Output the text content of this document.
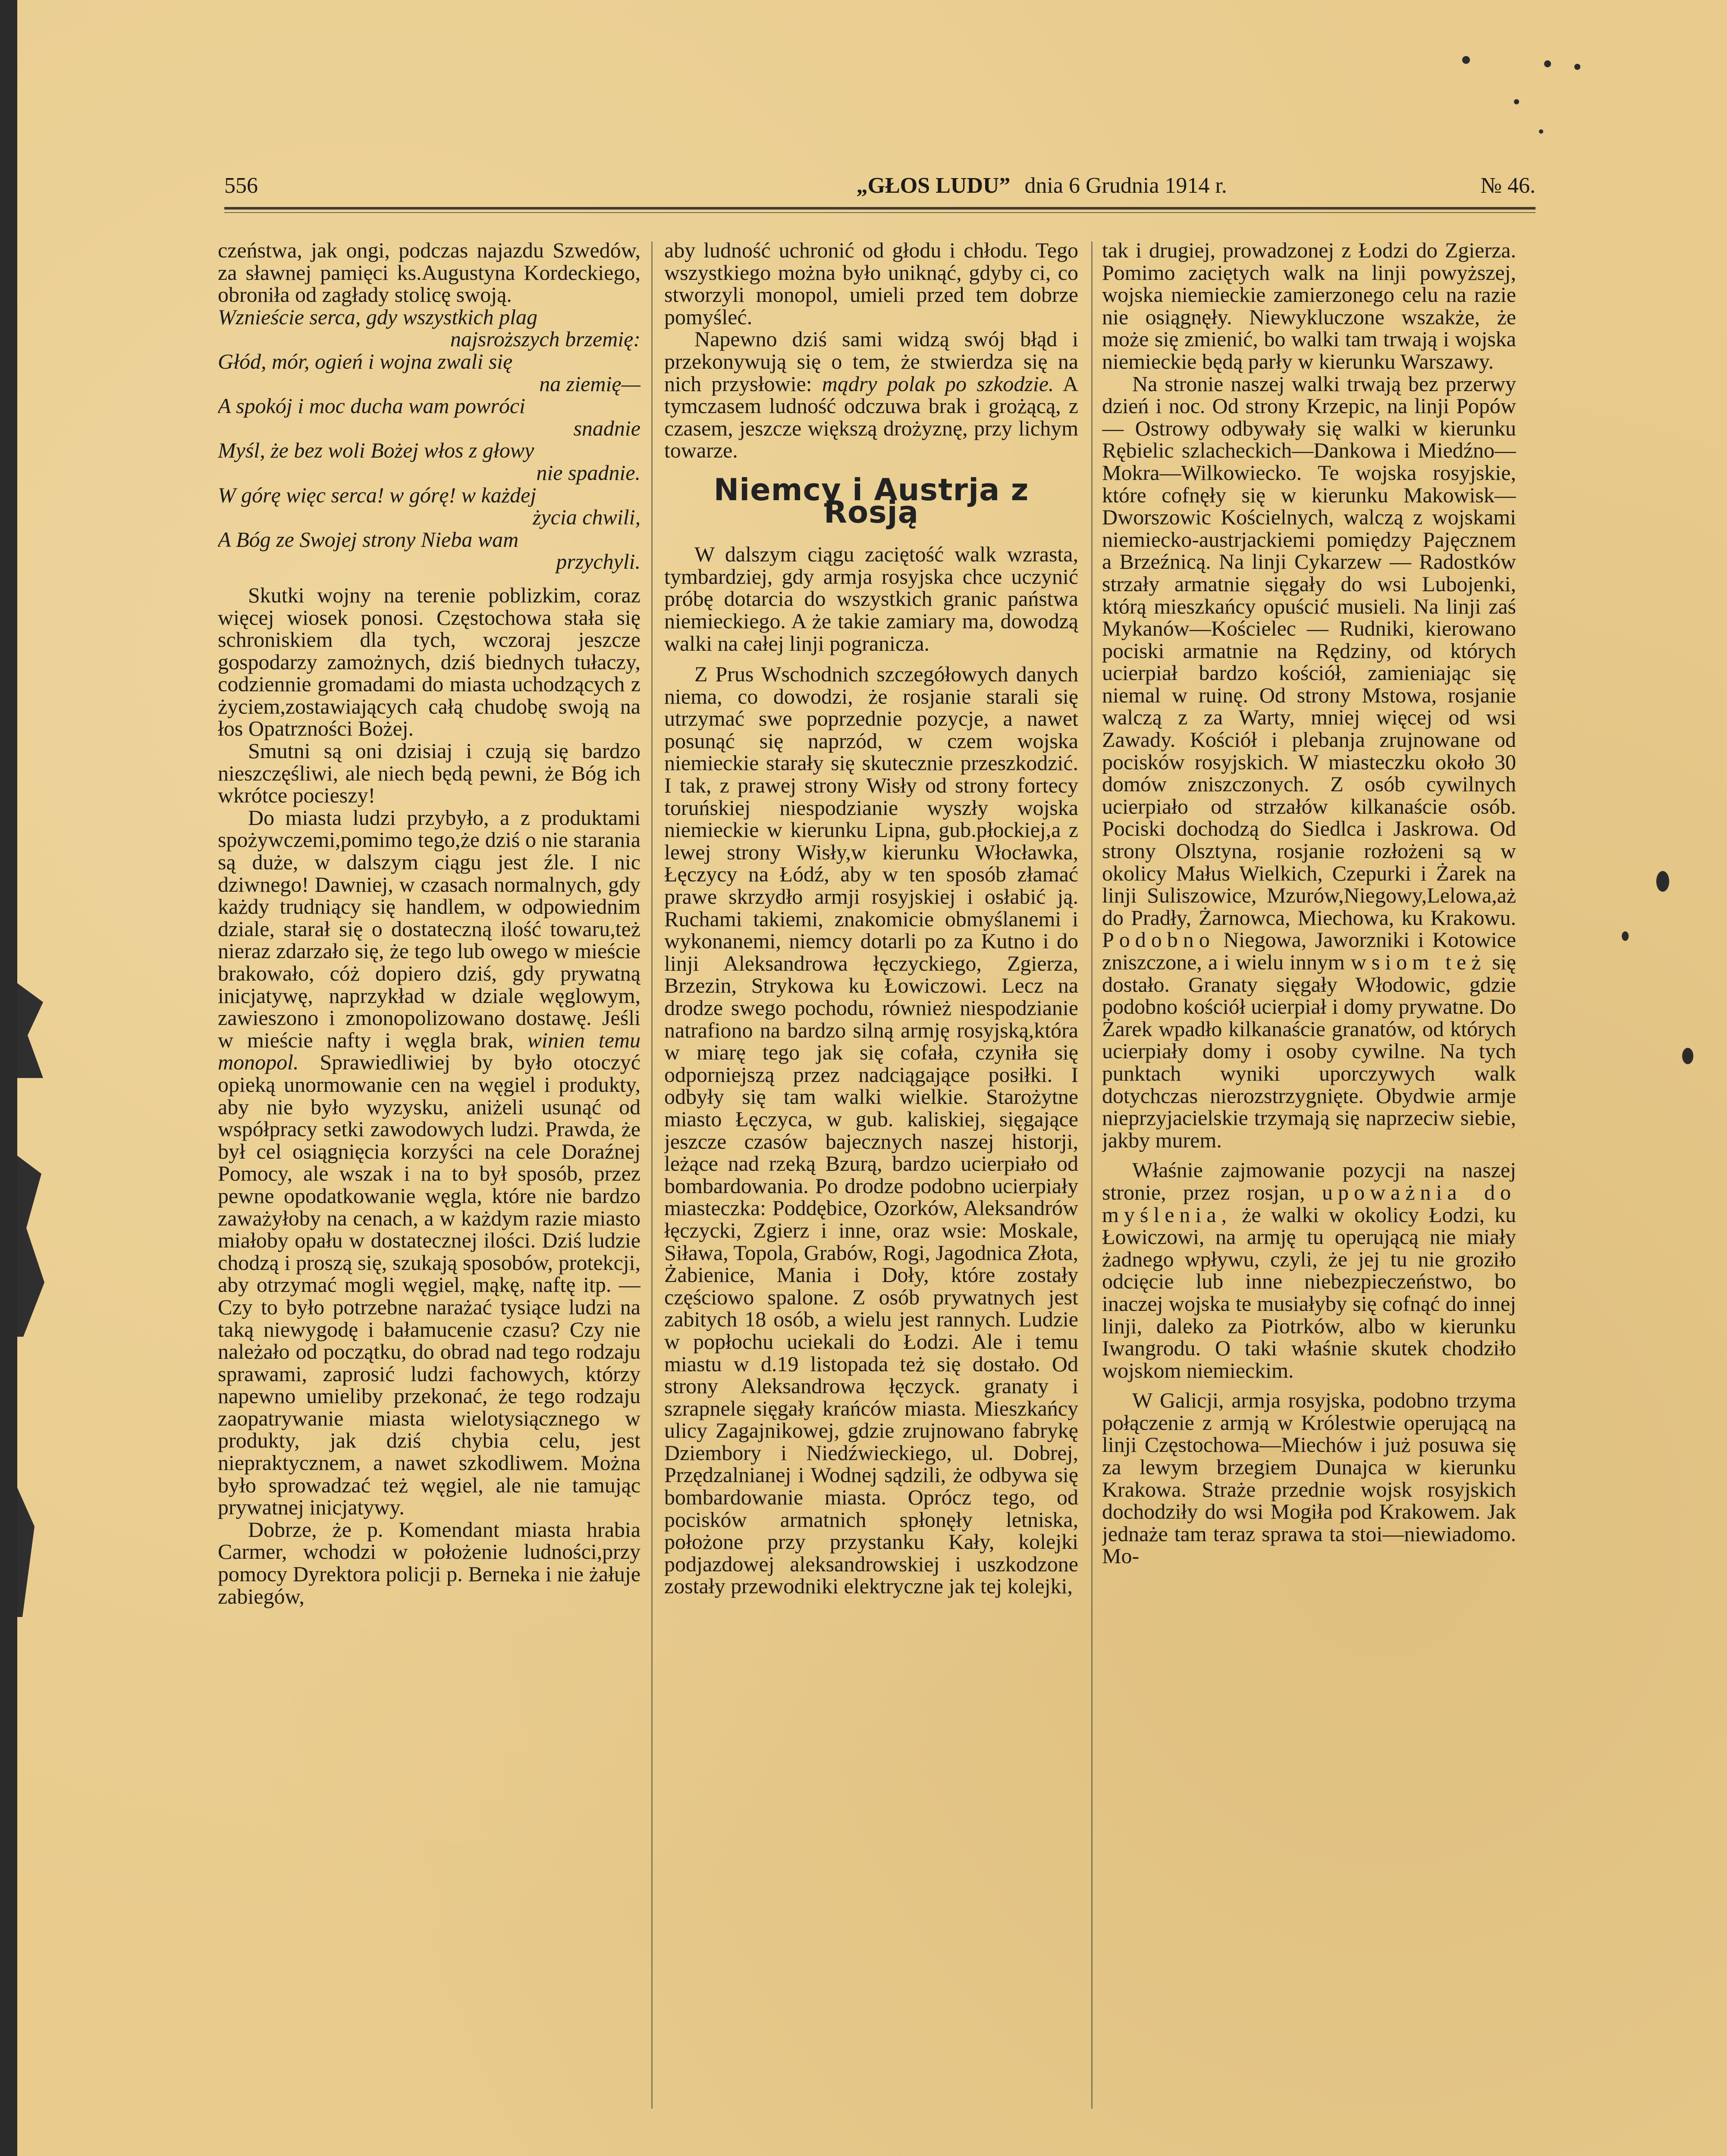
556	„GŁOS LUDU” dnia 6 Grudnia 1914 r.	№ 46.

czeństwa, jak ongi, podczas najazdu Szwedów, za sławnej pamięci ks.Augustyna Kordeckiego, obroniła od zagłady stolicę swoją.

Wznieście serca, gdy wszystkich plag
najsroższych brzemię:
Głód, mór, ogień i wojna zwali się
na ziemię—
A spokój i moc ducha wam powróci
snadnie
Myśl, że bez woli Bożej włos z głowy
nie spadnie.
W górę więc serca! w górę! w każdej
życia chwili,
A Bóg ze Swojej strony Nieba wam
przychyli.

Skutki wojny na terenie poblizkim, coraz więcej wiosek ponosi. Częstochowa stała się schroniskiem dla tych, wczoraj jeszcze gospodarzy zamożnych, dziś biednych tułaczy, codziennie gromadami do miasta uchodzących z życiem,zostawiających całą chudobę swoją na łos Opatrzności Bożej.

Smutni są oni dzisiaj i czują się bardzo nieszczęśliwi, ale niech będą pewni, że Bóg ich wkrótce pocieszy!

Do miasta ludzi przybyło, a z produktami spożywczemi,pomimo tego,że dziś o nie starania są duże, w dalszym ciągu jest źle. I nic dziwnego! Dawniej, w czasach normalnych, gdy każdy trudniący się handlem, w odpowiednim dziale, starał się o dostateczną ilość towaru,też nieraz zdarzało się, że tego lub owego w mieście brakowało, cóż dopiero dziś, gdy prywatną inicjatywę, naprzykład w dziale węglowym, zawieszono i zmonopolizowano dostawę. Jeśli w mieście nafty i węgla brak, winien temu monopol. Sprawiedliwiej by było otoczyć opieką unormowanie cen na węgiel i produkty, aby nie było wyzysku, aniżeli usunąć od współpracy setki zawodowych ludzi. Prawda, że był cel osiągnięcia korzyści na cele Doraźnej Pomocy, ale wszak i na to był sposób, przez pewne opodatkowanie węgla, które nie bardzo zaważyłoby na cenach, a w każdym razie miasto miałoby opału w dostatecznej ilości. Dziś ludzie chodzą i proszą się, szukają sposobów, protekcji, aby otrzymać mogli węgiel, mąkę, naftę itp. — Czy to było potrzebne narażać tysiące ludzi na taką niewygodę i bałamucenie czasu? Czy nie należało od początku, do obrad nad tego rodzaju sprawami, zaprosić ludzi fachowych, którzy napewno umieliby przekonać, że tego rodzaju zaopatrywanie miasta wielotysiącznego w produkty, jak dziś chybia celu, jest niepraktycznem, a nawet szkodliwem. Można było sprowadzać też węgiel, ale nie tamując prywatnej inicjatywy.

Dobrze, że p. Komendant miasta hrabia Carmer, wchodzi w położenie ludności,przy pomocy Dyrektora policji p. Berneka i nie żałuje zabiegów,

aby ludność uchronić od głodu i chłodu. Tego wszystkiego można było uniknąć, gdyby ci, co stworzyli monopol, umieli przed tem dobrze pomyśleć.

Napewno dziś sami widzą swój błąd i przekonywują się o tem, że stwierdza się na nich przysłowie: mądry polak po szkodzie. A tymczasem ludność odczuwa brak i grożącą, z czasem, jeszcze większą drożyznę, przy lichym towarze.

Niemcy i Austrja z Rosją

W dalszym ciągu zaciętość walk wzrasta, tymbardziej, gdy armja rosyjska chce uczynić próbę dotarcia do wszystkich granic państwa niemieckiego. A że takie zamiary ma, dowodzą walki na całej linji pogranicza.

Z Prus Wschodnich szczegółowych danych niema, co dowodzi, że rosjanie starali się utrzymać swe poprzednie pozycje, a nawet posunąć się naprzód, w czem wojska niemieckie starały się skutecznie przeszkodzić. I tak, z prawej strony Wisły od strony fortecy toruńskiej niespodzianie wyszły wojska niemieckie w kierunku Lipna, gub.płockiej,a z lewej strony Wisły,w kierunku Włocławka, Łęczycy na Łódź, aby w ten sposób złamać prawe skrzydło armji rosyjskiej i osłabić ją. Ruchami takiemi, znakomicie obmyślanemi i wykonanemi, niemcy dotarli po za Kutno i do linji Aleksandrowa łęczyckiego, Zgierza, Brzezin, Strykowa ku Łowiczowi. Lecz na drodze swego pochodu, również niespodzianie natrafiono na bardzo silną armję rosyjską,która w miarę tego jak się cofała, czyniła się odporniejszą przez nadciągające posiłki. I odbyły się tam walki wielkie. Starożytne miasto Łęczyca, w gub. kaliskiej, sięgające jeszcze czasów bajecznych naszej historji, leżące nad rzeką Bzurą, bardzo ucierpiało od bombardowania. Po drodze podobno ucierpiały miasteczka: Poddębice, Ozorków, Aleksandrów łęczycki, Zgierz i inne, oraz wsie: Moskale, Siława, Topola, Grabów, Rogi, Jagodnica Złota, Żabienice, Mania i Doły, które zostały częściowo spalone. Z osób prywatnych jest zabitych 18 osób, a wielu jest rannych. Ludzie w popłochu uciekali do Łodzi. Ale i temu miastu w d.19 listopada też się dostało. Od strony Aleksandrowa łęczyck. granaty i szrapnele sięgały krańców miasta. Mieszkańcy ulicy Zagajnikowej, gdzie zrujnowano fabrykę Dziembory i Niedźwieckiego, ul. Dobrej, Przędzalnianej i Wodnej sądzili, że odbywa się bombardowanie miasta. Oprócz tego, od pocisków armatnich spłonęły letniska, położone przy przystanku Kały, kolejki podjazdowej aleksandrowskiej i uszkodzone zostały przewodniki elektryczne jak tej kolejki,

tak i drugiej, prowadzonej z Łodzi do Zgierza. Pomimo zaciętych walk na linji powyższej, wojska niemieckie zamierzonego celu na razie nie osiągnęły. Niewykluczone wszakże, że może się zmienić, bo walki tam trwają i wojska niemieckie będą parły w kierunku Warszawy.

Na stronie naszej walki trwają bez przerwy dzień i noc. Od strony Krzepic, na linji Popów — Ostrowy odbywały się walki w kierunku Rębielic szlacheckich—Dankowa i Miedźno—Mokra—Wilkowiecko. Te wojska rosyjskie, które cofnęły się w kierunku Makowisk—Dworszowic Kościelnych, walczą z wojskami niemiecko-austrjackiemi pomiędzy Pajęcznem a Brzeźnicą. Na linji Cykarzew — Radostków strzały armatnie sięgały do wsi Lubojenki, którą mieszkańcy opuścić musieli. Na linji zaś Mykanów—Kościelec — Rudniki, kierowano pociski armatnie na Rędziny, od których ucierpiał bardzo kościół, zamieniając się niemal w ruinę. Od strony Mstowa, rosjanie walczą z za Warty, mniej więcej od wsi Zawady. Kościół i plebanja zrujnowane od pocisków rosyjskich. W miasteczku około 30 domów zniszczonych. Z osób cywilnych ucierpiało od strzałów kilkanaście osób. Pociski dochodzą do Siedlca i Jaskrowa. Od strony Olsztyna, rosjanie rozłożeni są w okolicy Małus Wielkich, Czepurki i Żarek na linji Suliszowice, Mzurów,Niegowy,Lelowa,aż do Pradły, Żarnowca, Miechowa, ku Krakowu. Podobno Niegowa, Jaworzniki i Kotowice zniszczone, a i wielu innym wsiom też się dostało. Granaty sięgały Włodowic, gdzie podobno kościół ucierpiał i domy prywatne. Do Żarek wpadło kilkanaście granatów, od których ucierpiały domy i osoby cywilne. Na tych punktach wyniki uporczywych walk dotychczas nierozstrzygnięte. Obydwie armje nieprzyjacielskie trzymają się naprzeciw siebie, jakby murem.

Właśnie zajmowanie pozycji na naszej stronie, przez rosjan, upoważnia do myślenia, że walki w okolicy Łodzi, ku Łowiczowi, na armję tu operującą nie miały żadnego wpływu, czyli, że jej tu nie groziło odcięcie lub inne niebezpieczeństwo, bo inaczej wojska te musiałyby się cofnąć do innej linji, daleko za Piotrków, albo w kierunku Iwangrodu. O taki właśnie skutek chodziło wojskom niemieckim.

W Galicji, armja rosyjska, podobno trzyma połączenie z armją w Królestwie operującą na linji Częstochowa—Miechów i już posuwa się za lewym brzegiem Dunajca w kierunku Krakowa. Straże przednie wojsk rosyjskich dochodziły do wsi Mogiła pod Krakowem. Jak jednaże tam teraz sprawa ta stoi—niewiadomo. Mo-
